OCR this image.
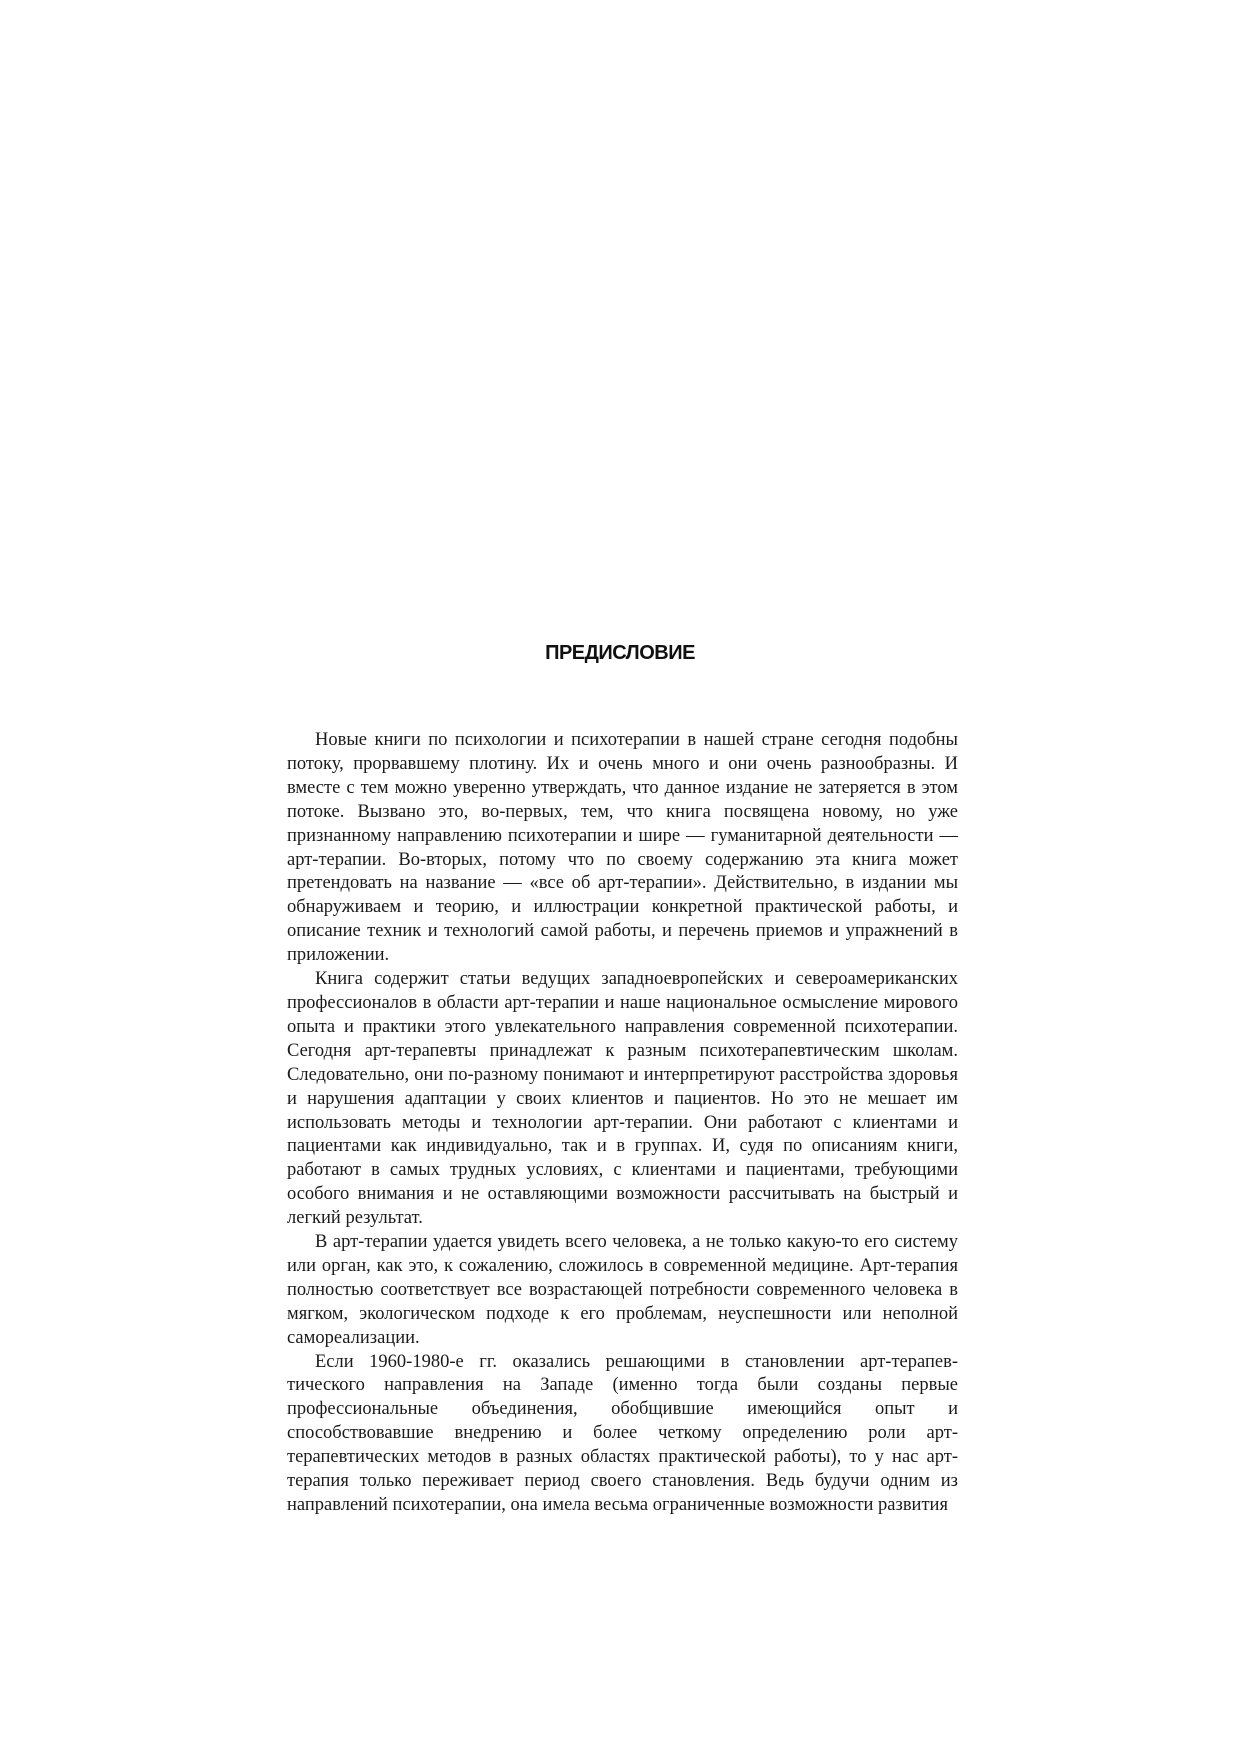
ПРЕДИСЛОВИЕ

Новые книги по психологии и психотерапии в нашей стране сегодня подобны потоку, прорвавшему плотину. Их и очень много и они очень разнообразны. И вместе с тем можно уверенно утверждать, что данное издание не затеряется в этом потоке. Вызвано это, во-первых, тем, что книга посвящена новому, но уже признанному направлению психотерапии и шире — гуманитарной деятельности — арт-терапии. Во-вторых, потому что по своему содержанию эта книга может претендовать на название — «все об арт-терапии». Действительно, в издании мы обнаруживаем и теорию, и иллюстрации конкретной практической работы, и описание техник и технологий самой работы, и перечень приемов и упражнений в приложении.

Книга содержит статьи ведущих западноевропейских и североамериканских профессионалов в области арт-терапии и наше национальное осмысление мирового опыта и практики этого увлекательного направления современной психотерапии. Сегодня арт-терапевты принадлежат к разным психотерапевтическим школам. Следовательно, они по-разному понимают и интерпретируют расстройства здоровья и нарушения адаптации у своих клиентов и пациентов. Но это не мешает им использовать методы и технологии арт-терапии. Они работают с клиентами и пациентами как индивидуально, так и в группах. И, судя по описаниям книги, работают в самых трудных условиях, с клиентами и пациентами, требующими особого внимания и не оставляющими возможности рассчитывать на быстрый и легкий результат.

В арт-терапии удается увидеть всего человека, а не только какую-то его систему или орган, как это, к сожалению, сложилось в современной медицине. Арт-терапия полностью соответствует все возрастающей потребности современного человека в мягком, экологическом подходе к его проблемам, неуспешности или неполной самореализации.

Если 1960-1980-е гг. оказались решающими в становлении арт-терапев-тического направления на Западе (именно тогда были созданы первые профессиональные объединения, обобщившие имеющийся опыт и способствовавшие внедрению и более четкому определению роли арт-терапевтических методов в разных областях практической работы), то у нас арт-терапия только переживает период своего становления. Ведь будучи одним из направлений психотерапии, она имела весьма ограниченные возможности развития
